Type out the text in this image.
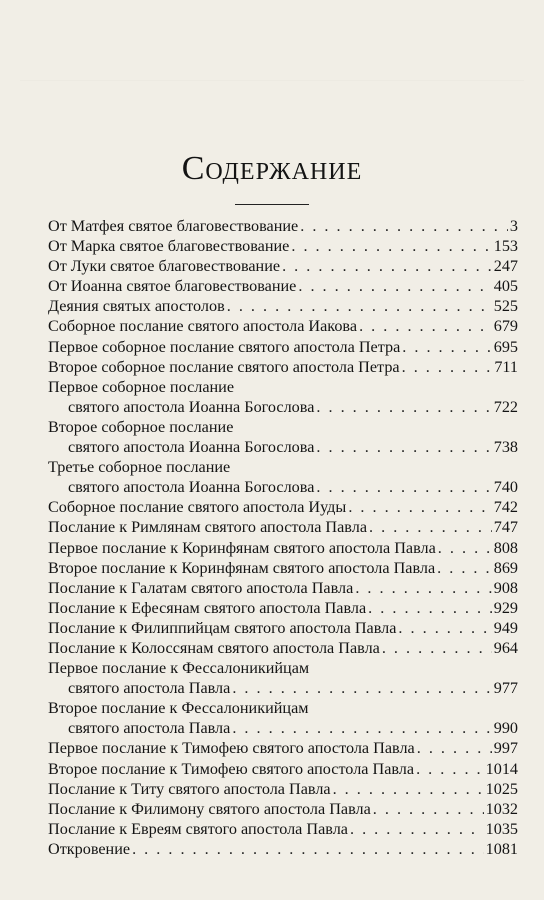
Содержание
От Матфея святое благовествование . . .	3
От Марка святое благовествование . . .	153
От Луки святое благовествование . . .	247
От Иоанна святое благовествование . . .	405
Деяния святых апостолов . . .	525
Соборное послание святого апостола Иакова . . .	679
Первое соборное послание святого апостола Петра . . .	695
Второе соборное послание святого апостола Петра . . .	711
Первое соборное послание
святого апостола Иоанна Богослова . . .	722
Второе соборное послание
святого апостола Иоанна Богослова . . .	738
Третье соборное послание
святого апостола Иоанна Богослова . . .	740
Соборное послание святого апостола Иуды . . .	742
Послание к Римлянам святого апостола Павла . . .	747
Первое послание к Коринфянам святого апостола Павла . . .	808
Второе послание к Коринфянам святого апостола Павла . . .	869
Послание к Галатам святого апостола Павла . . .	908
Послание к Ефесянам святого апостола Павла . . .	929
Послание к Филиппийцам святого апостола Павла . . .	949
Послание к Колоссянам святого апостола Павла . . .	964
Первое послание к Фессалоникийцам
святого апостола Павла . . .	977
Второе послание к Фессалоникийцам
святого апостола Павла . . .	990
Первое послание к Тимофею святого апостола Павла . . .	997
Второе послание к Тимофею святого апостола Павла . . .	1014
Послание к Титу святого апостола Павла . . .	1025
Послание к Филимону святого апостола Павла . . .	1032
Послание к Евреям святого апостола Павла . . .	1035
Откровение . . .	1081
